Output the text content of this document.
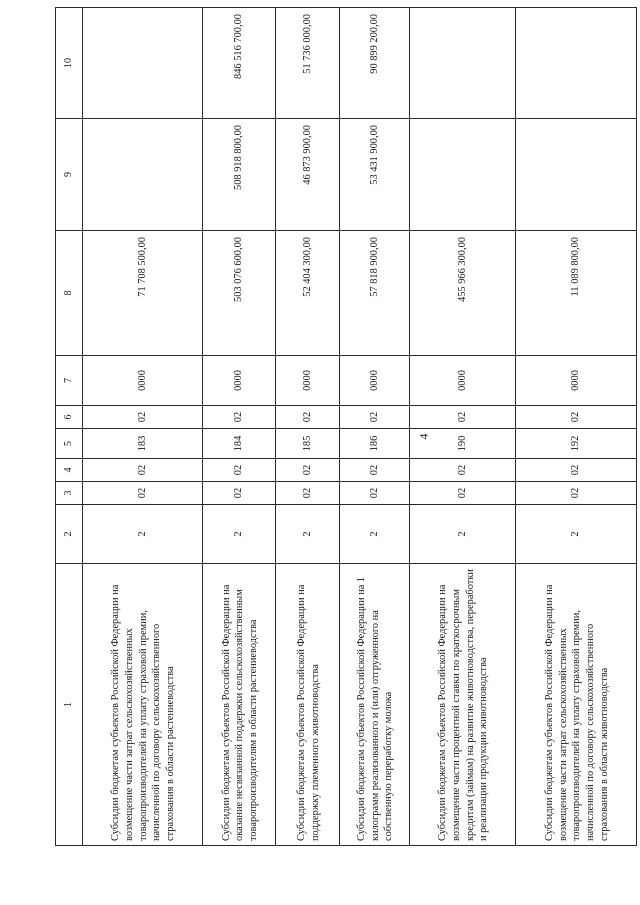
4
1	2	3	4	5	6	7	8	9	10
Субсидии бюджетам субъектов Российской Федерации на возмещение части затрат сельскохозяйственных товаропроизводителей на уплату страховой премии, начисленной по договору сельскохозяйственного страхования в области растениеводства	2	02	02	183	02	0000	71 708 500,00		
Субсидии бюджетам субъектов Российской Федерации на оказание несвязанной поддержки сельскохозяйственным товаропроизводителям в области растениеводства	2	02	02	184	02	0000	503 076 600,00	508 918 800,00	846 516 700,00
Субсидии бюджетам субъектов Российской Федерации на поддержку племенного животноводства	2	02	02	185	02	0000	52 404 300,00	46 873 900,00	51 736 000,00
Субсидии бюджетам субъектов Российской Федерации на 1 килограмм реализованного и (или) отгруженного на собственную переработку молока	2	02	02	186	02	0000	57 818 900,00	53 431 900,00	90 899 200,00
Субсидии бюджетам субъектов Российской Федерации на возмещение части процентной ставки по краткосрочным кредитам (займам) на развитие животноводства, переработки и реализации продукции животноводства	2	02	02	190	02	0000	455 966 300,00		
Субсидии бюджетам субъектов Российской Федерации на возмещение части затрат сельскохозяйственных товаропроизводителей на уплату страховой премии, начисленной по договору сельскохозяйственного страхования в области животноводства	2	02	02	192	02	0000	11 089 800,00		
